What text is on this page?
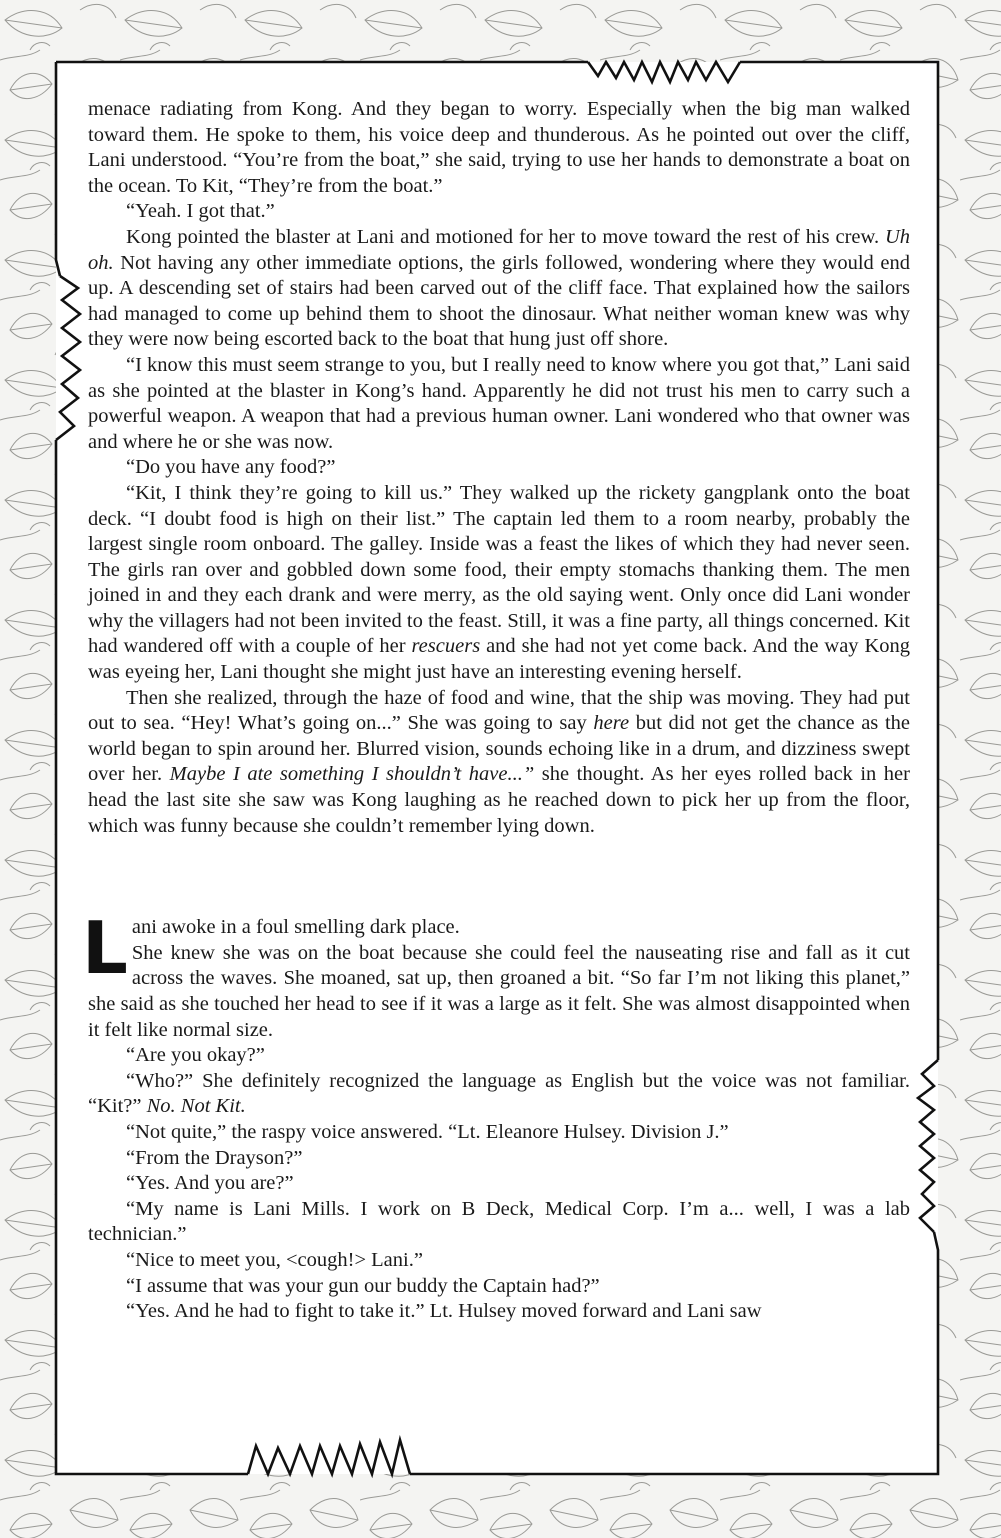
menace radiating from Kong. And they began to worry. Especially when the big man walked toward them. He spoke to them, his voice deep and thunderous. As he pointed out over the cliff, Lani understood. “You’re from the boat,” she said, trying to use her hands to demonstrate a boat on the ocean. To Kit, “They’re from the boat.”

“Yeah. I got that.”

Kong pointed the blaster at Lani and motioned for her to move toward the rest of his crew. Uh oh. Not having any other immediate options, the girls followed, wondering where they would end up. A descending set of stairs had been carved out of the cliff face. That explained how the sailors had managed to come up behind them to shoot the dinosaur. What neither woman knew was why they were now being escorted back to the boat that hung just off shore.

“I know this must seem strange to you, but I really need to know where you got that,” Lani said as she pointed at the blaster in Kong’s hand. Apparently he did not trust his men to carry such a powerful weapon. A weapon that had a previous human owner. Lani wondered who that owner was and where he or she was now.

“Do you have any food?”

“Kit, I think they’re going to kill us.” They walked up the rickety gangplank onto the boat deck. “I doubt food is high on their list.” The captain led them to a room nearby, probably the largest single room onboard. The galley. Inside was a feast the likes of which they had never seen. The girls ran over and gobbled down some food, their empty stomachs thanking them. The men joined in and they each drank and were merry, as the old saying went. Only once did Lani wonder why the villagers had not been invited to the feast. Still, it was a fine party, all things concerned. Kit had wandered off with a couple of her rescuers and she had not yet come back. And the way Kong was eyeing her, Lani thought she might just have an interesting evening herself.

Then she realized, through the haze of food and wine, that the ship was moving. They had put out to sea. “Hey! What’s going on...” She was going to say here but did not get the chance as the world began to spin around her. Blurred vision, sounds echoing like in a drum, and dizziness swept over her. Maybe I ate something I shouldn’t have...” she thought. As her eyes rolled back in her head the last site she saw was Kong laughing as he reached down to pick her up from the floor, which was funny because she couldn’t remember lying down.

Lani awoke in a foul smelling dark place.

She knew she was on the boat because she could feel the nauseating rise and fall as it cut across the waves. She moaned, sat up, then groaned a bit. “So far I’m not liking this planet,” she said as she touched her head to see if it was a large as it felt. She was almost disappointed when it felt like normal size.

“Are you okay?”

“Who?” She definitely recognized the language as English but the voice was not familiar. “Kit?” No. Not Kit.

“Not quite,” the raspy voice answered. “Lt. Eleanore Hulsey. Division J.”

“From the Drayson?”

“Yes. And you are?”

“My name is Lani Mills. I work on B Deck, Medical Corp. I’m a... well, I was a lab technician.”

“Nice to meet you, <cough!> Lani.”

“I assume that was your gun our buddy the Captain had?”

“Yes. And he had to fight to take it.” Lt. Hulsey moved forward and Lani saw
